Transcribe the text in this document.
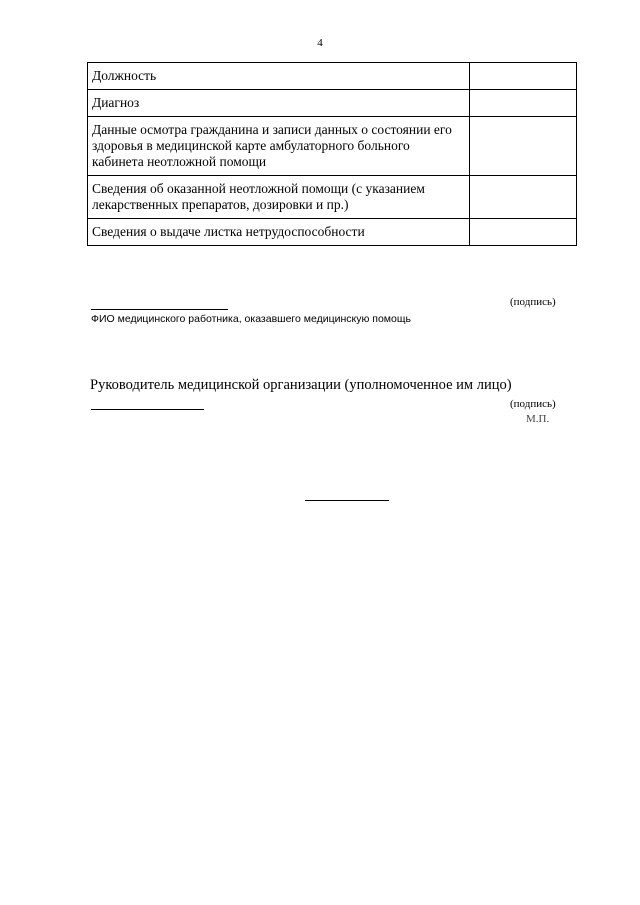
4
Должность	
Диагноз	
Данные осмотра гражданина и записи данных о состоянии его здоровья в медицинской карте амбулаторного больного кабинета неотложной помощи	
Сведения об оказанной неотложной помощи (с указанием лекарственных препаратов, дозировки и пр.)	
Сведения о выдаче листка нетрудоспособности	
(подпись)
ФИО медицинского работника, оказавшего медицинскую помощь
Руководитель медицинской организации (уполномоченное им лицо)
(подпись)
М.П.
